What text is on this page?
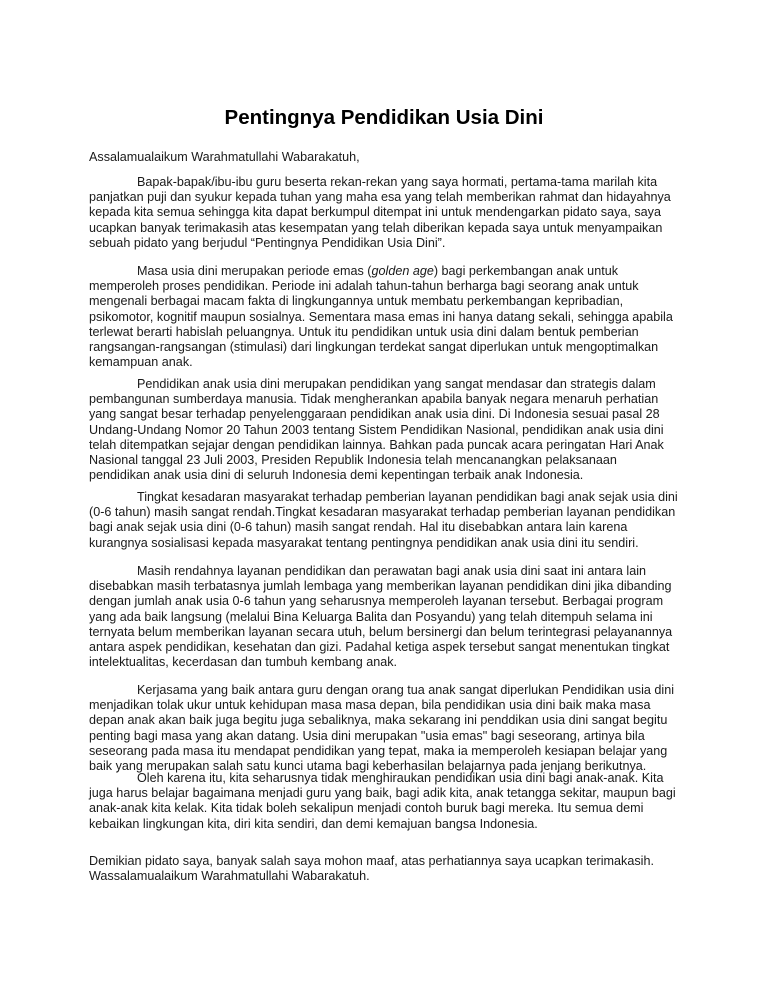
Pentingnya Pendidikan Usia Dini
Assalamualaikum Warahmatullahi Wabarakatuh,
Bapak-bapak/ibu-ibu guru beserta rekan-rekan yang saya hormati, pertama-tama marilah kita
panjatkan puji dan syukur kepada tuhan yang maha esa yang telah memberikan rahmat dan hidayahnya
kepada kita semua sehingga kita dapat berkumpul ditempat ini untuk mendengarkan pidato saya, saya
ucapkan banyak terimakasih atas kesempatan yang telah diberikan kepada saya untuk menyampaikan
sebuah pidato yang berjudul “Pentingnya Pendidikan Usia Dini”.
Masa usia dini merupakan periode emas (golden age) bagi perkembangan anak untuk
memperoleh proses pendidikan. Periode ini adalah tahun-tahun berharga bagi seorang anak untuk
mengenali berbagai macam fakta di lingkungannya untuk membatu perkembangan kepribadian,
psikomotor, kognitif maupun sosialnya. Sementara masa emas ini hanya datang sekali, sehingga apabila
terlewat berarti habislah peluangnya. Untuk itu pendidikan untuk usia dini dalam bentuk pemberian
rangsangan-rangsangan (stimulasi) dari lingkungan terdekat sangat diperlukan untuk mengoptimalkan
kemampuan anak.
Pendidikan anak usia dini merupakan pendidikan yang sangat mendasar dan strategis dalam
pembangunan sumberdaya manusia. Tidak mengherankan apabila banyak negara menaruh perhatian
yang sangat besar terhadap penyelenggaraan pendidikan anak usia dini. Di Indonesia sesuai pasal 28
Undang-Undang Nomor 20 Tahun 2003 tentang Sistem Pendidikan Nasional, pendidikan anak usia dini
telah ditempatkan sejajar dengan pendidikan lainnya. Bahkan pada puncak acara peringatan Hari Anak
Nasional tanggal 23 Juli 2003, Presiden Republik Indonesia telah mencanangkan pelaksanaan
pendidikan anak usia dini di seluruh Indonesia demi kepentingan terbaik anak Indonesia.
Tingkat kesadaran masyarakat terhadap pemberian layanan pendidikan bagi anak sejak usia dini
(0-6 tahun) masih sangat rendah.Tingkat kesadaran masyarakat terhadap pemberian layanan pendidikan
bagi anak sejak usia dini (0-6 tahun) masih sangat rendah. Hal itu disebabkan antara lain karena
kurangnya sosialisasi kepada masyarakat tentang pentingnya pendidikan anak usia dini itu sendiri.
Masih rendahnya layanan pendidikan dan perawatan bagi anak usia dini saat ini antara lain
disebabkan masih terbatasnya jumlah lembaga yang memberikan layanan pendidikan dini jika dibanding
dengan jumlah anak usia 0-6 tahun yang seharusnya memperoleh layanan tersebut. Berbagai program
yang ada baik langsung (melalui Bina Keluarga Balita dan Posyandu) yang telah ditempuh selama ini
ternyata belum memberikan layanan secara utuh, belum bersinergi dan belum terintegrasi pelayanannya
antara aspek pendidikan, kesehatan dan gizi. Padahal ketiga aspek tersebut sangat menentukan tingkat
intelektualitas, kecerdasan dan tumbuh kembang anak.
Kerjasama yang baik antara guru dengan orang tua anak sangat diperlukan Pendidikan usia dini
menjadikan tolak ukur untuk kehidupan masa masa depan, bila pendidikan usia dini baik maka masa
depan anak akan baik juga begitu juga sebaliknya, maka sekarang ini penddikan usia dini sangat begitu
penting bagi masa yang akan datang. Usia dini merupakan "usia emas" bagi seseorang, artinya bila
seseorang pada masa itu mendapat pendidikan yang tepat, maka ia memperoleh kesiapan belajar yang
baik yang merupakan salah satu kunci utama bagi keberhasilan belajarnya pada jenjang berikutnya.
Oleh karena itu, kita seharusnya tidak menghiraukan pendidikan usia dini bagi anak-anak. Kita
juga harus belajar bagaimana menjadi guru yang baik, bagi adik kita, anak tetangga sekitar, maupun bagi
anak-anak kita kelak. Kita tidak boleh sekalipun menjadi contoh buruk bagi mereka. Itu semua demi
kebaikan lingkungan kita, diri kita sendiri, dan demi kemajuan bangsa Indonesia.
Demikian pidato saya, banyak salah saya mohon maaf, atas perhatiannya saya ucapkan terimakasih.
Wassalamualaikum Warahmatullahi Wabarakatuh.
